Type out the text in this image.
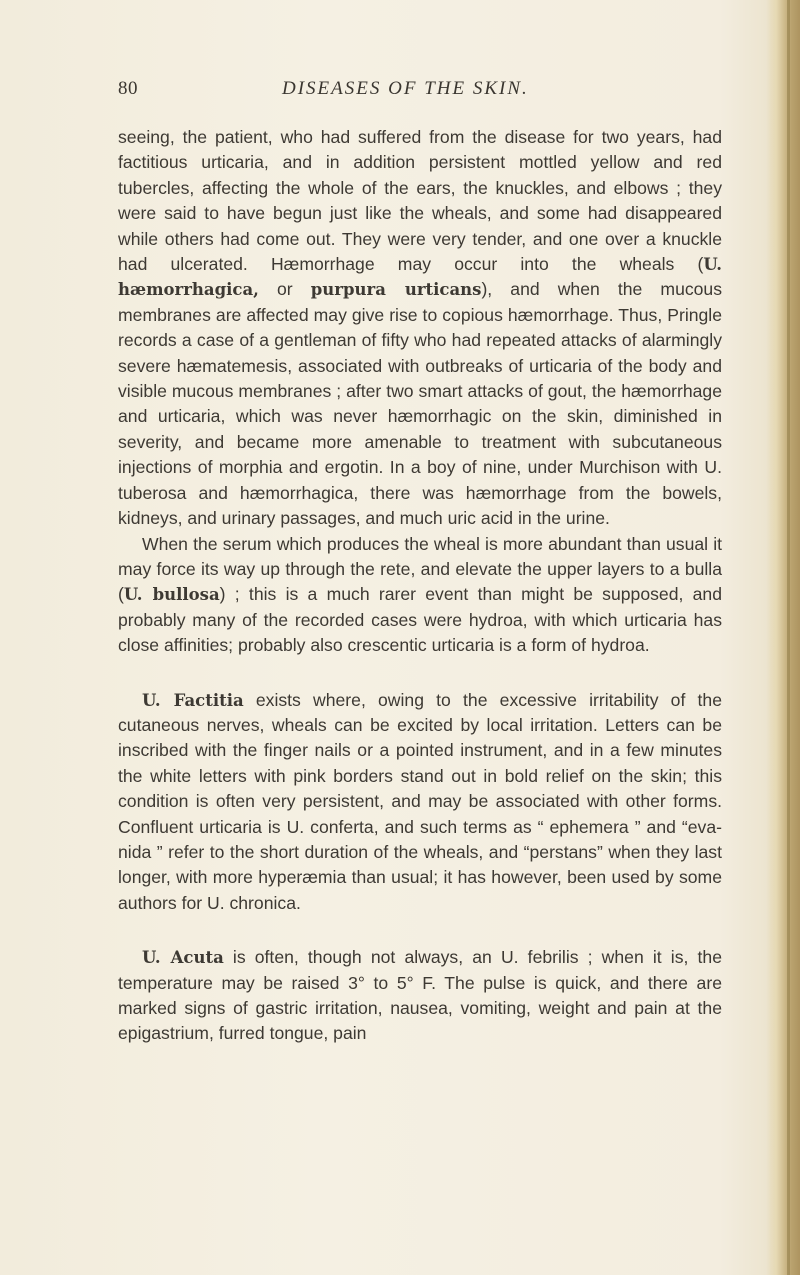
80	DISEASES OF THE SKIN.

seeing, the patient, who had suffered from the disease for two years, had factitious urticaria, and in addition persistent mottled yellow and red tubercles, affecting the whole of the ears, the knuckles, and elbows ; they were said to have begun just like the wheals, and some had disappeared while others had come out. They were very tender, and one over a knuckle had ulcerated. Hæmorrhage may occur into the wheals (U. hæmorrhagica, or purpura urticans), and when the mucous membranes are affected may give rise to copious hæmorrhage. Thus, Pringle records a case of a gentleman of fifty who had repeated attacks of alarmingly severe hæmatemesis, associated with outbreaks of urticaria of the body and visible mucous membranes ; after two smart attacks of gout, the hæmorrhage and urticaria, which was never hæmorrhagic on the skin, diminished in severity, and became more amenable to treatment with subcutaneous injections of morphia and ergotin. In a boy of nine, under Murchison with U. tuberosa and hæmorrhagica, there was hæmorrhage from the bowels, kidneys, and urinary passages, and much uric acid in the urine.

When the serum which produces the wheal is more abundant than usual it may force its way up through the rete, and elevate the upper layers to a bulla (U. bullosa) ; this is a much rarer event than might be supposed, and probably many of the recorded cases were hydroa, with which urticaria has close affinities; probably also crescentic urticaria is a form of hydroa.

U. Factitia exists where, owing to the excessive irritability of the cutaneous nerves, wheals can be excited by local irritation. Letters can be inscribed with the finger nails or a pointed instrument, and in a few minutes the white letters with pink borders stand out in bold relief on the skin; this condition is often very persistent, and may be associated with other forms. Confluent urticaria is U. conferta, and such terms as “ ephemera ” and “evanida ” refer to the short duration of the wheals, and “perstans” when they last longer, with more hyperæmia than usual; it has however, been used by some authors for U. chronica.

U. Acuta is often, though not always, an U. febrilis ; when it is, the temperature may be raised 3° to 5° F. The pulse is quick, and there are marked signs of gastric irritation, nausea, vomiting, weight and pain at the epigastrium, furred tongue, pain
